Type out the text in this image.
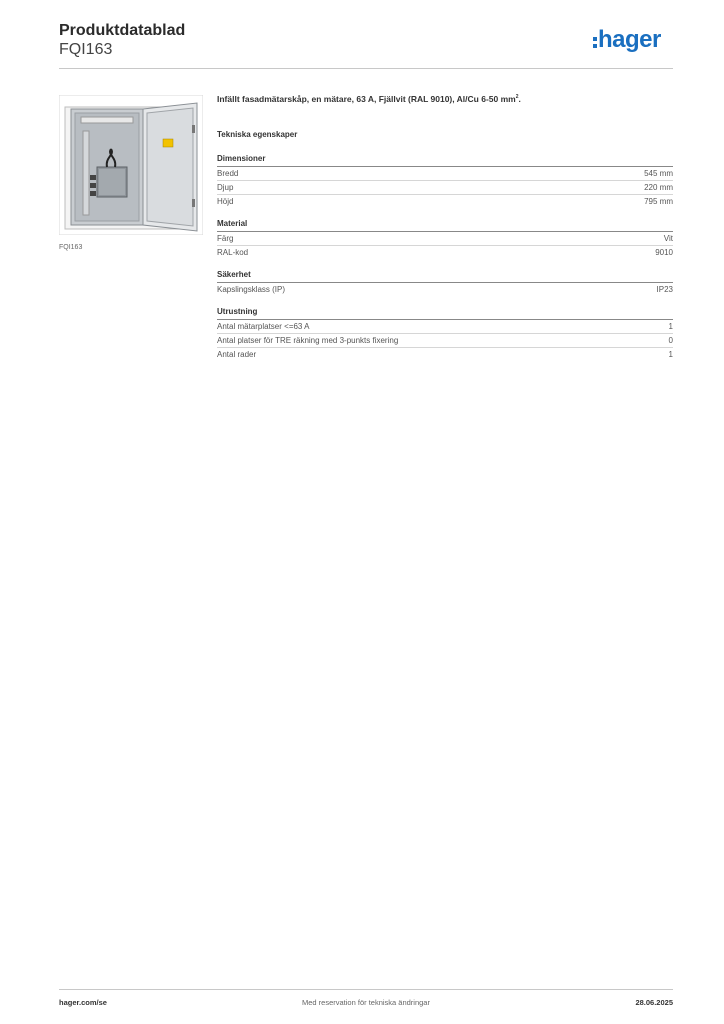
Produktdatablad
FQI163	hager
FQI163

Infällt fasadmätarskåp, en mätare, 63 A, Fjällvit (RAL 9010), Al/Cu 6-50 $mm^2$.

Tekniska egenskaper

Dimensioner
Bredd	545 mm
Djup	220 mm
Höjd	795 mm
Material
Färg	Vit
RAL-kod	9010
Säkerhet
Kapslingsklass (IP)	IP23
Utrustning
Antal mätarplatser <=63 A	1
Antal platser för TRE räkning med 3-punkts fixering	0
Antal rader	1
hager.com/se	Med reservation för tekniska ändringar	28.06.2025
